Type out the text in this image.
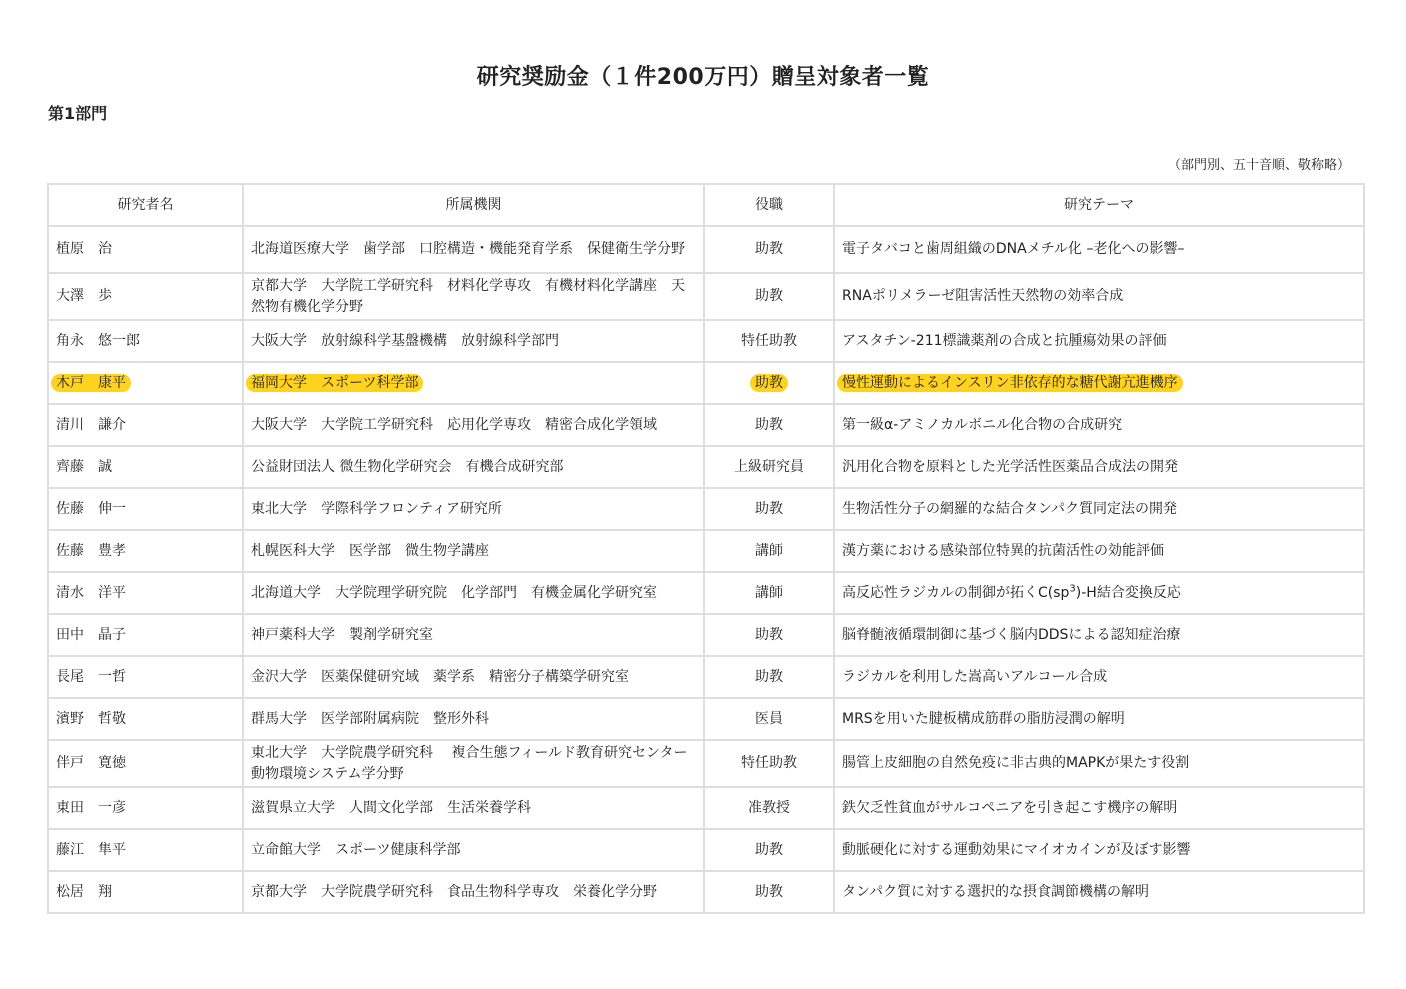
研究奨励金（１件200万円）贈呈対象者一覧
第1部門
（部門別、五十音順、敬称略）
研究者名	所属機関	役職	研究テーマ
植原　治	北海道医療大学　歯学部　口腔構造・機能発育学系　保健衛生学分野	助教	電子タバコと歯周組織のDNAメチル化 –老化への影響–
大澤　歩	京都大学　大学院工学研究科　材料化学専攻　有機材料化学講座　天然物有機化学分野	助教	RNAポリメラーゼ阻害活性天然物の効率合成
角永　悠一郎	大阪大学　放射線科学基盤機構　放射線科学部門	特任助教	アスタチン-211標識薬剤の合成と抗腫瘍効果の評価
木戸　康平	福岡大学　スポーツ科学部	助教	慢性運動によるインスリン非依存的な糖代謝亢進機序
清川　謙介	大阪大学　大学院工学研究科　応用化学専攻　精密合成化学領域	助教	第一級α-アミノカルボニル化合物の合成研究
齊藤　誠	公益財団法人 微生物化学研究会　有機合成研究部	上級研究員	汎用化合物を原料とした光学活性医薬品合成法の開発
佐藤　伸一	東北大学　学際科学フロンティア研究所	助教	生物活性分子の網羅的な結合タンパク質同定法の開発
佐藤　豊孝	札幌医科大学　医学部　微生物学講座	講師	漢方薬における感染部位特異的抗菌活性の効能評価
清水　洋平	北海道大学　大学院理学研究院　化学部門　有機金属化学研究室	講師	高反応性ラジカルの制御が拓く$C(sp^3)-H$結合変換反応
田中　晶子	神戸薬科大学　製剤学研究室	助教	脳脊髄液循環制御に基づく脳内DDSによる認知症治療
長尾　一哲	金沢大学　医薬保健研究域　薬学系　精密分子構築学研究室	助教	ラジカルを利用した嵩高いアルコール合成
濱野　哲敬	群馬大学　医学部附属病院　整形外科	医員	MRSを用いた腱板構成筋群の脂肪浸潤の解明
伴戸　寛徳	東北大学　大学院農学研究科　 複合生態フィールド教育研究センター　動物環境システム学分野	特任助教	腸管上皮細胞の自然免疫に非古典的MAPKが果たす役割
東田　一彦	滋賀県立大学　人間文化学部　生活栄養学科	准教授	鉄欠乏性貧血がサルコペニアを引き起こす機序の解明
藤江　隼平	立命館大学　スポーツ健康科学部	助教	動脈硬化に対する運動効果にマイオカインが及ぼす影響
松居　翔	京都大学　大学院農学研究科　食品生物科学専攻　栄養化学分野	助教	タンパク質に対する選択的な摂食調節機構の解明
